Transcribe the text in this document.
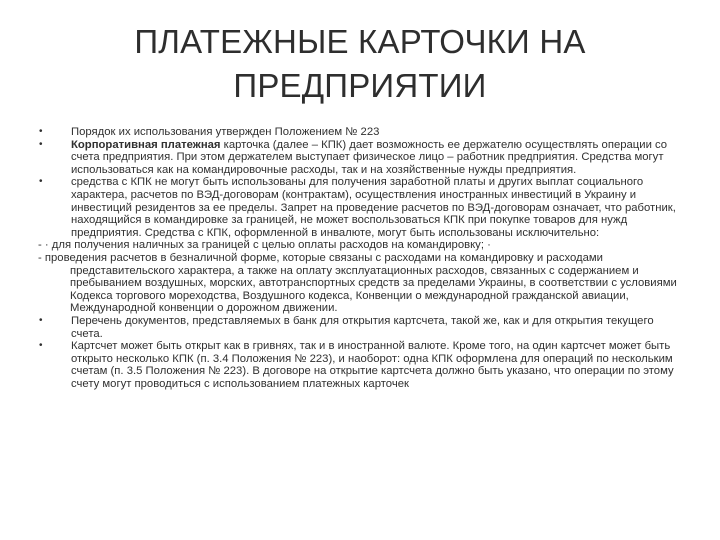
ПЛАТЕЖНЫЕ КАРТОЧКИ НА
ПРЕДПРИЯТИИ
•	Порядок их использования утвержден Положением № 223
•	Корпоративная платежная карточка (далее – КПК) дает возможность ее держателю осуществлять операции со счета предприятия. При этом держателем выступает физическое лицо – работник предприятия. Средства могут использоваться как на командировочные расходы, так и на хозяйственные нужды предприятия.
•	средства с КПК не могут быть использованы для получения заработной платы и других выплат социального характера, расчетов по ВЭД-договорам (контрактам), осуществления иностранных инвестиций в Украину и инвестиций резидентов за ее пределы. Запрет на проведение расчетов по ВЭД-договорам означает, что работник, находящийся в командировке за границей, не может воспользоваться КПК при покупке товаров для нужд предприятия. Средства с КПК, оформленной в инвалюте, могут быть использованы исключительно:
- · для получения наличных за границей с целью оплаты расходов на командировку; ·
- проведения расчетов в безналичной форме, которые связаны с расходами на командировку и расходами представительского характера, а также на оплату эксплуатационных расходов, связанных с содержанием и пребыванием воздушных, морских, автотранспортных средств за пределами Украины, в соответствии с условиями Кодекса торгового мореходства, Воздушного кодекса, Конвенции о международной гражданской авиации, Международной конвенции о дорожном движении.
•	Перечень документов, представляемых в банк для открытия картсчета, такой же, как и для открытия текущего счета.
•	Картсчет может быть открыт как в гривнях, так и в иностранной валюте. Кроме того, на один картсчет может быть открыто несколько КПК (п. 3.4 Положения № 223), и наоборот: одна КПК оформлена для операций по нескольким счетам (п. 3.5 Положения № 223). В договоре на открытие картсчета должно быть указано, что операции по этому счету могут проводиться с использованием платежных карточек
